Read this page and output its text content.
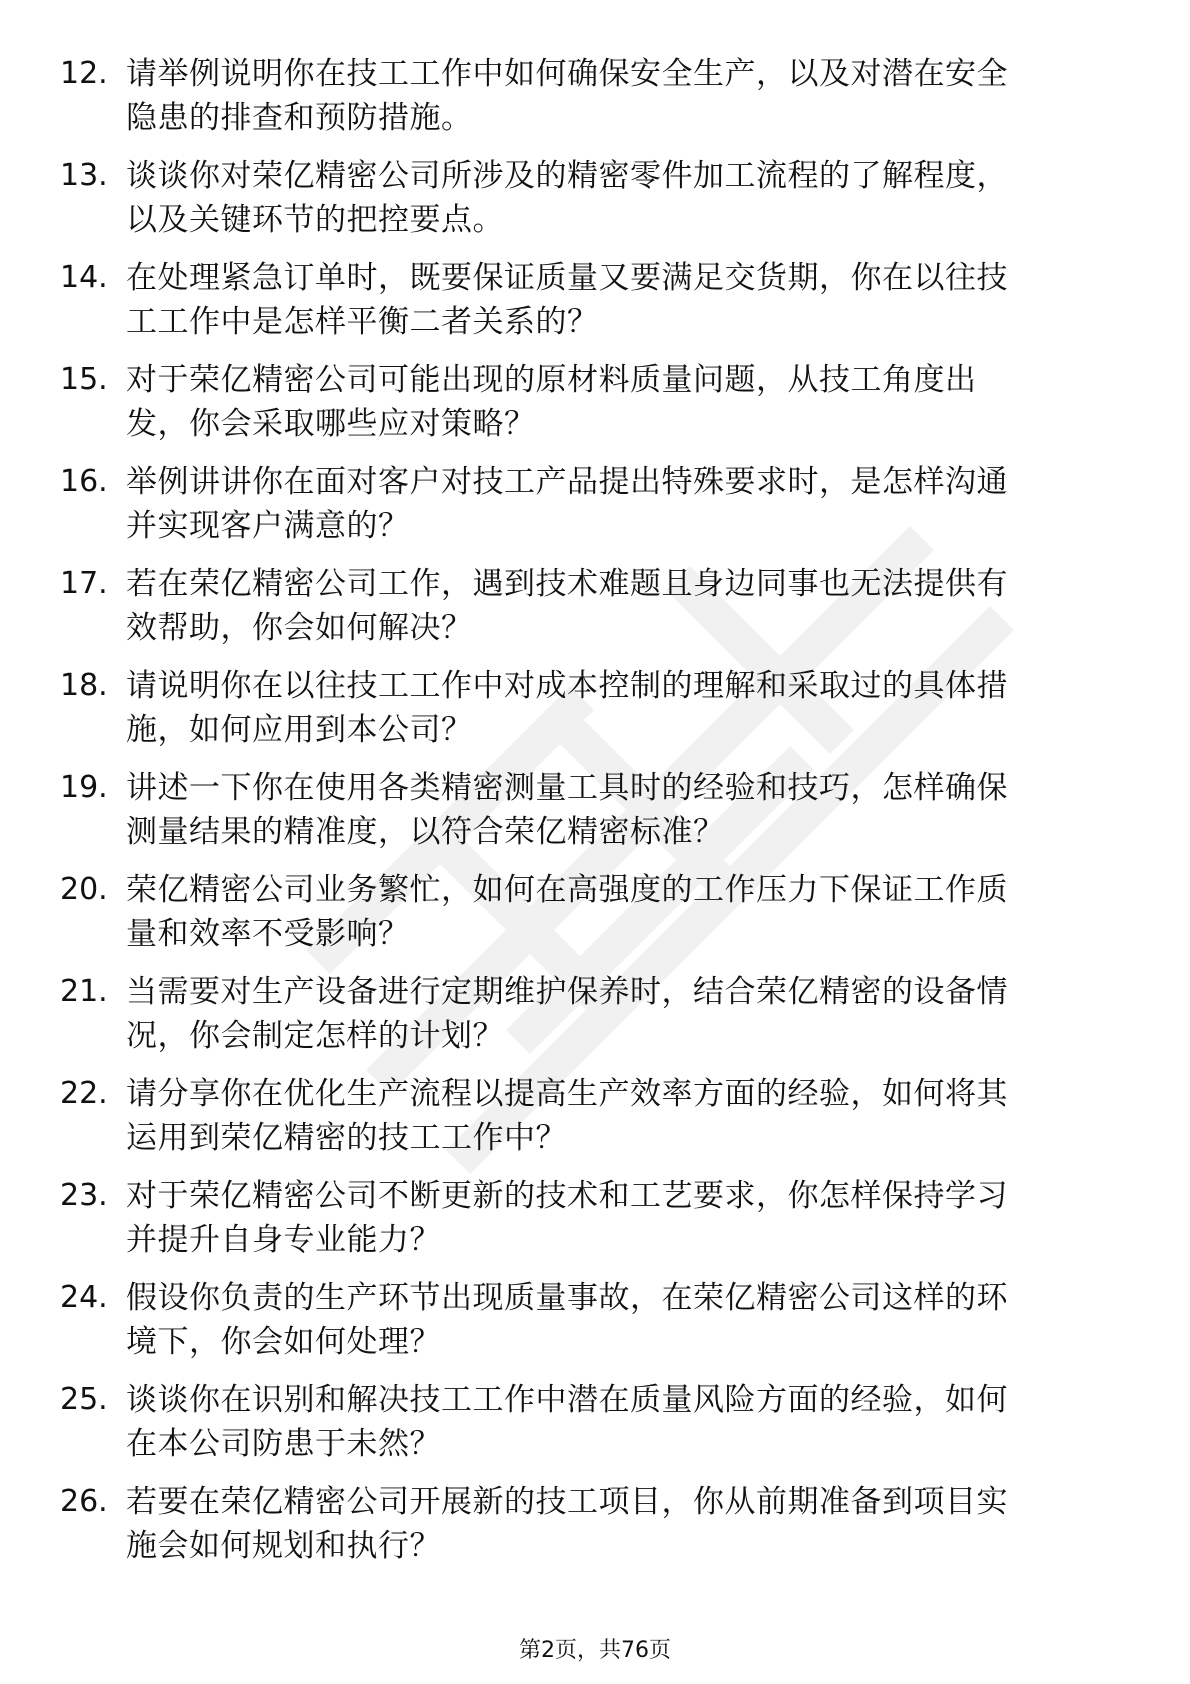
12. 请举例说明你在技工工作中如何确保安全生产，以及对潜在安全
隐患的排查和预防措施。
13. 谈谈你对荣亿精密公司所涉及的精密零件加工流程的了解程度，
以及关键环节的把控要点。
14. 在处理紧急订单时，既要保证质量又要满足交货期，你在以往技
工工作中是怎样平衡二者关系的？
15. 对于荣亿精密公司可能出现的原材料质量问题，从技工角度出
发，你会采取哪些应对策略？
16. 举例讲讲你在面对客户对技工产品提出特殊要求时，是怎样沟通
并实现客户满意的？
17. 若在荣亿精密公司工作，遇到技术难题且身边同事也无法提供有
效帮助，你会如何解决？
18. 请说明你在以往技工工作中对成本控制的理解和采取过的具体措
施，如何应用到本公司？
19. 讲述一下你在使用各类精密测量工具时的经验和技巧，怎样确保
测量结果的精准度，以符合荣亿精密标准？
20. 荣亿精密公司业务繁忙，如何在高强度的工作压力下保证工作质
量和效率不受影响？
21. 当需要对生产设备进行定期维护保养时，结合荣亿精密的设备情
况，你会制定怎样的计划？
22. 请分享你在优化生产流程以提高生产效率方面的经验，如何将其
运用到荣亿精密的技工工作中？
23. 对于荣亿精密公司不断更新的技术和工艺要求，你怎样保持学习
并提升自身专业能力？
24. 假设你负责的生产环节出现质量事故，在荣亿精密公司这样的环
境下，你会如何处理？
25. 谈谈你在识别和解决技工工作中潜在质量风险方面的经验，如何
在本公司防患于未然？
26. 若要在荣亿精密公司开展新的技工项目，你从前期准备到项目实
施会如何规划和执行？
第2页，共76页
